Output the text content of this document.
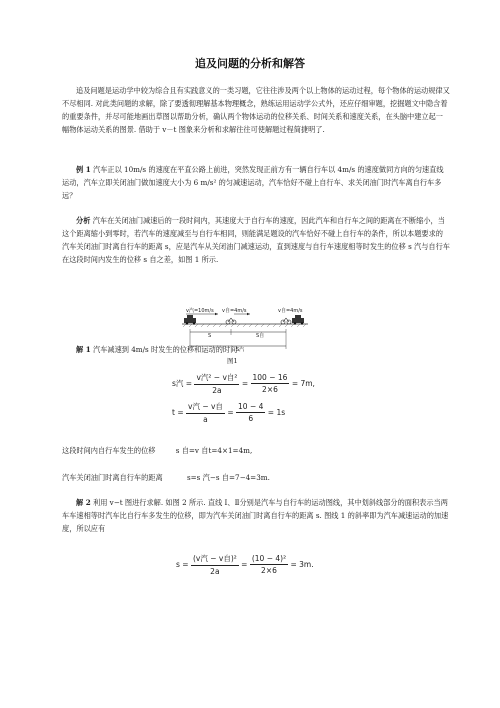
追及问题的分析和解答
追及问题是运动学中较为综合且有实践意义的一类习题，它往往涉及两个以上物体的运动过程，每个物体的运动规律又不尽相同. 对此类问题的求解，除了要透彻理解基本物理概念，熟练运用运动学公式外，还应仔细审题，挖掘题文中隐含着的重要条件，并尽可能地画出草图以帮助分析，确认两个物体运动的位移关系、时间关系和速度关系，在头脑中建立起一幅物体运动关系的图景. 借助于 v－t 图象来分析和求解往往可使解题过程简捷明了.
例 1 汽车正以 10m/s 的速度在平直公路上前进，突然发现正前方有一辆自行车以 4m/s 的速度做同方向的匀速直线运动，汽车立即关闭油门做加速度大小为 6 m/s² 的匀减速运动，汽车恰好不碰上自行车、求关闭油门时汽车离自行车多远？
分析 汽车在关闭油门减速后的一段时间内，其速度大于自行车的速度，因此汽车和自行车之间的距离在不断缩小，当这个距离缩小到零时，若汽车的速度减至与自行车相同，则能满足题设的汽车恰好不碰上自行车的条件，所以本题要求的汽车关闭油门时离自行车的距离 s，应是汽车从关闭油门减速运动，直到速度与自行车速度相等时发生的位移 s 汽与自行车在这段时间内发生的位移 s 自之差，如图 1 所示.
v汽=10m/s v自=4m/s	v自=4m/s
S	S自
S汽
图1
解 1 汽车减速到 4m/s 时发生的位移和运动的时间
s汽 = $\frac{\text{v汽² − v自²}}{2a} = \frac{100 - 16}{2\times 6} = 7m$,
$t = \frac{\text{v汽 − v自}}{a} = \frac{10 - 4}{6} = 1s$
这段时间内自行车发生的位移	s 自=v 自t=4×1=4m,
汽车关闭油门时离自行车的距离	s=s 汽−s 自=7−4=3m.
解 2 利用 v−t 图进行求解. 如图 2 所示. 直线 Ⅰ、Ⅱ分别是汽车与自行车的运动图线，其中划斜线部分的面积表示当两车车速相等时汽车比自行车多发生的位移，即为汽车关闭油门时离自行车的距离 s. 图线 1 的斜率即为汽车减速运动的加速度，所以应有
$s = \frac{\text{(v汽 − v自)²}}{2a} = \frac{\text{(10 − 4)²}}{2\times 6} = 3m$.
